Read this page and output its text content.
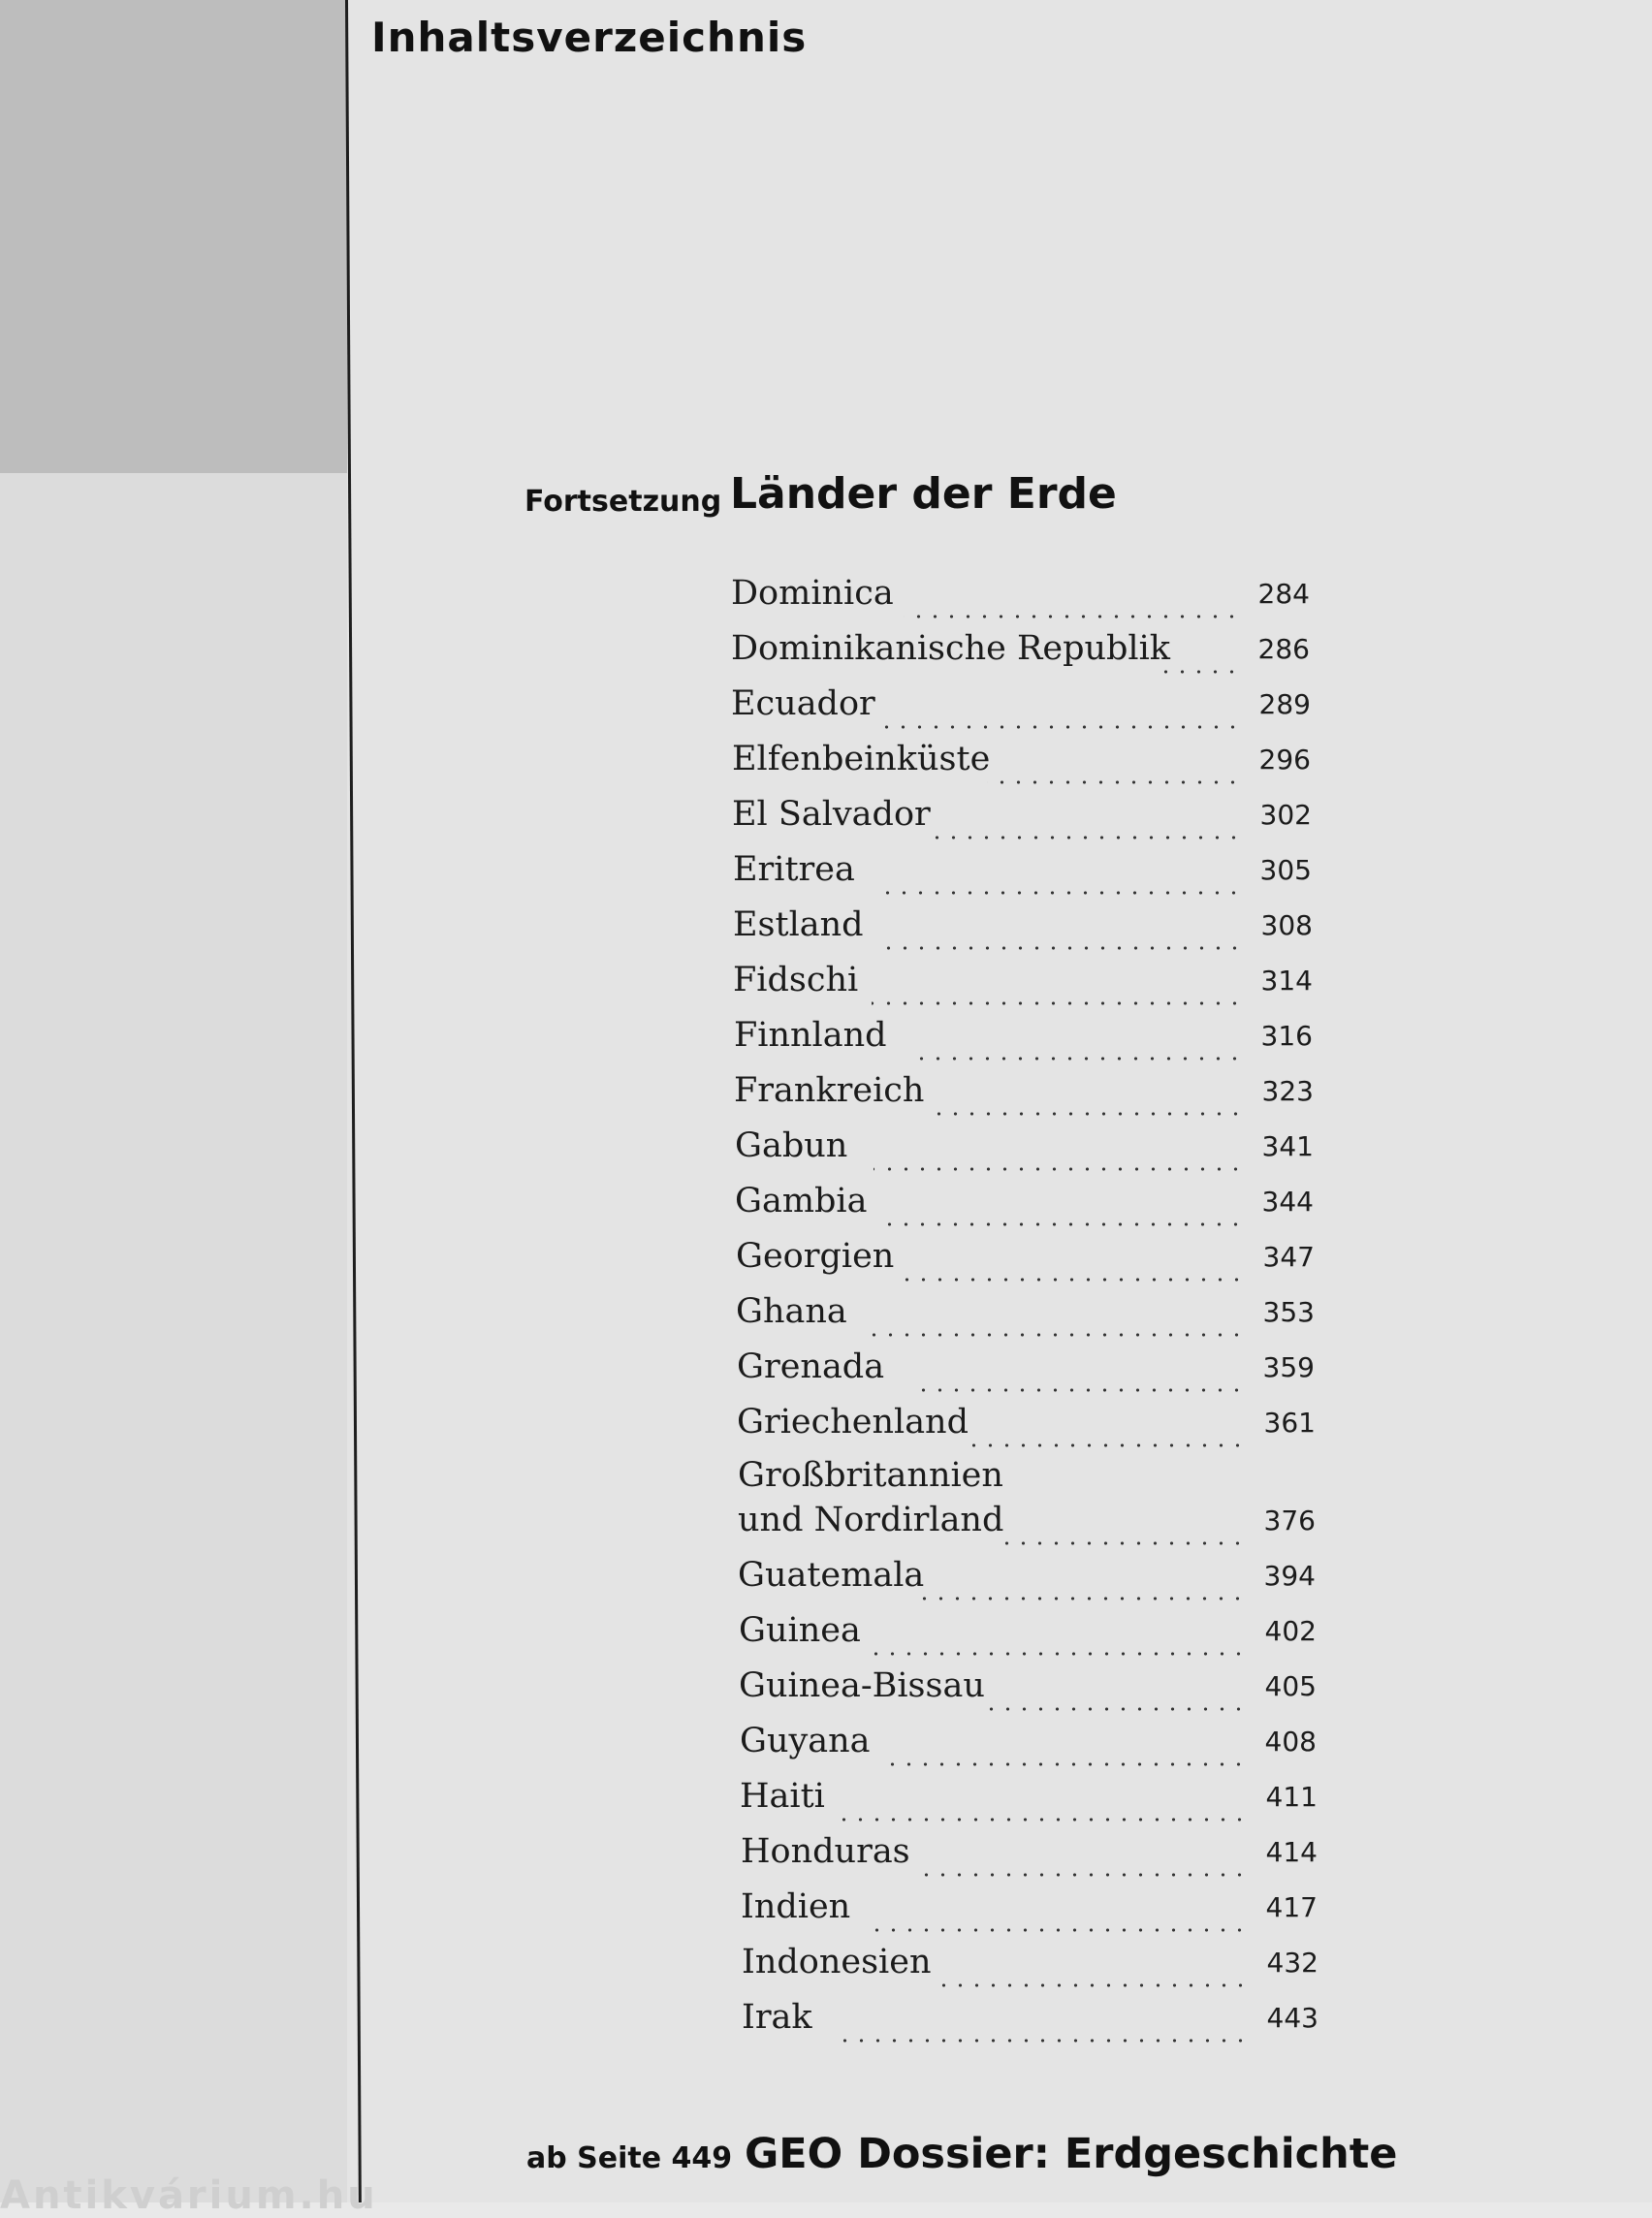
Inhaltsverzeichnis
Fortsetzung Länder der Erde
Dominica	284
Dominikanische Republik	286
Ecuador	289
Elfenbeinküste	296
El Salvador	302
Eritrea	305
Estland	308
Fidschi	314
Finnland	316
Frankreich	323
Gabun	341
Gambia	344
Georgien	347
Ghana	353
Grenada	359
Griechenland	361
Großbritannien
und Nordirland	376
Guatemala	394
Guinea	402
Guinea-Bissau	405
Guyana	408
Haiti	411
Honduras	414
Indien	417
Indonesien	432
Irak	443
ab Seite 449 GEO Dossier: Erdgeschichte
Antikvárium.hu
